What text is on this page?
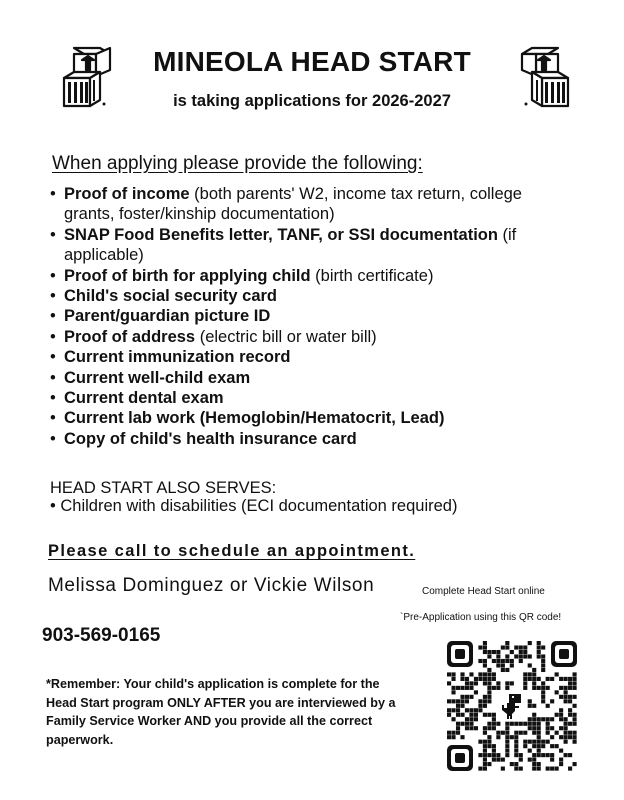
MINEOLA HEAD START
is taking applications for 2026-2027
When applying please provide the following:
• Proof of income (both parents' W2, income tax return, college grants, foster/kinship documentation)
• SNAP Food Benefits letter, TANF, or SSI documentation (if applicable)
• Proof of birth for applying child (birth certificate)
• Child's social security card
• Parent/guardian picture ID
• Proof of address (electric bill or water bill)
• Current immunization record
• Current well-child exam
• Current dental exam
• Current lab work (Hemoglobin/Hematocrit, Lead)
• Copy of child's health insurance card
HEAD START ALSO SERVES:
• Children with disabilities (ECI documentation required)
Please call to schedule an appointment.
Melissa Dominguez or Vickie Wilson	Complete Head Start online
`Pre-Application using this QR code!
903-569-0165
*Remember: Your child's application is complete for the Head Start program ONLY AFTER you are interviewed by a Family Service Worker AND you provide all the correct paperwork.
